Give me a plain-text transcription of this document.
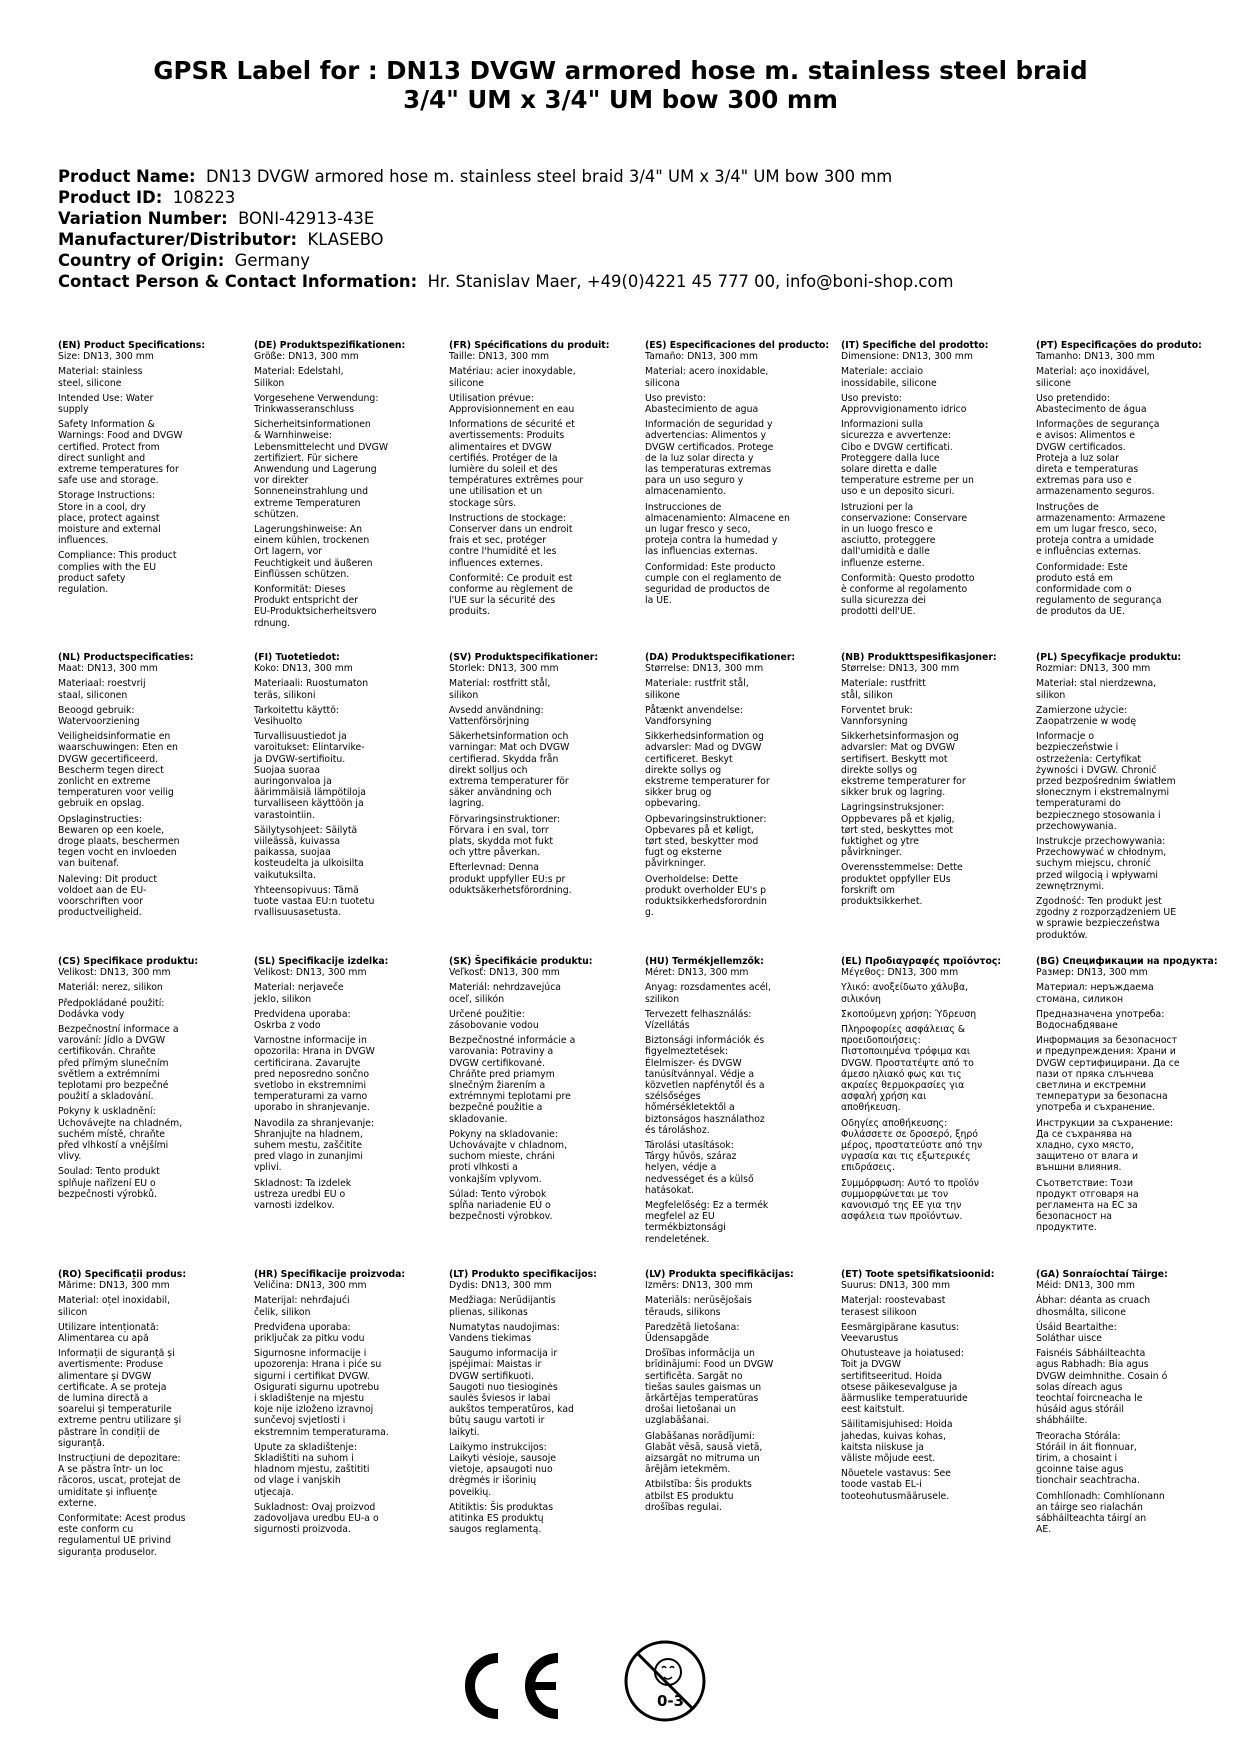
GPSR Label for : DN13 DVGW armored hose m. stainless steel braid
3/4" UM x 3/4" UM bow 300 mm
Product Name: DN13 DVGW armored hose m. stainless steel braid 3/4" UM x 3/4" UM bow 300 mm
Product ID: 108223
Variation Number: BONI-42913-43E
Manufacturer/Distributor: KLASEBO
Country of Origin: Germany
Contact Person & Contact Information: Hr. Stanislav Maer, +49(0)4221 45 777 00, info@boni-shop.com
(EN) Product Specifications:
Size: DN13, 300 mm
Material: stainless
steel, silicone
Intended Use: Water
supply
Safety Information &
Warnings: Food and DVGW
certified. Protect from
direct sunlight and
extreme temperatures for
safe use and storage.
Storage Instructions:
Store in a cool, dry
place, protect against
moisture and external
influences.
Compliance: This product
complies with the EU
product safety
regulation.
(DE) Produktspezifikationen:
Größe: DN13, 300 mm
Material: Edelstahl,
Silikon
Vorgesehene Verwendung:
Trinkwasseranschluss
Sicherheitsinformationen
& Warnhinweise:
Lebensmittelecht und DVGW
zertifiziert. Für sichere
Anwendung und Lagerung
vor direkter
Sonneneinstrahlung und
extreme Temperaturen
schützen.
Lagerungshinweise: An
einem kühlen, trockenen
Ort lagern, vor
Feuchtigkeit und äußeren
Einflüssen schützen.
Konformität: Dieses
Produkt entspricht der
EU-Produktsicherheitsvero
rdnung.
(FR) Spécifications du produit:
Taille: DN13, 300 mm
Matériau: acier inoxydable,
silicone
Utilisation prévue:
Approvisionnement en eau
Informations de sécurité et
avertissements: Produits
alimentaires et DVGW
certifiés. Protéger de la
lumière du soleil et des
températures extrêmes pour
une utilisation et un
stockage sûrs.
Instructions de stockage:
Conserver dans un endroit
frais et sec, protéger
contre l'humidité et les
influences externes.
Conformité: Ce produit est
conforme au règlement de
l'UE sur la sécurité des
produits.
(ES) Especificaciones del producto:
Tamaño: DN13, 300 mm
Material: acero inoxidable,
silicona
Uso previsto:
Abastecimiento de agua
Información de seguridad y
advertencias: Alimentos y
DVGW certificados. Protege
de la luz solar directa y
las temperaturas extremas
para un uso seguro y
almacenamiento.
Instrucciones de
almacenamiento: Almacene en
un lugar fresco y seco,
proteja contra la humedad y
las influencias externas.
Conformidad: Este producto
cumple con el reglamento de
seguridad de productos de
la UE.
(IT) Specifiche del prodotto:
Dimensione: DN13, 300 mm
Materiale: acciaio
inossidabile, silicone
Uso previsto:
Approvvigionamento idrico
Informazioni sulla
sicurezza e avvertenze:
Cibo e DVGW certificati.
Proteggere dalla luce
solare diretta e dalle
temperature estreme per un
uso e un deposito sicuri.
Istruzioni per la
conservazione: Conservare
in un luogo fresco e
asciutto, proteggere
dall'umidità e dalle
influenze esterne.
Conformità: Questo prodotto
è conforme al regolamento
sulla sicurezza dei
prodotti dell'UE.
(PT) Especificações do produto:
Tamanho: DN13, 300 mm
Material: aço inoxidável,
silicone
Uso pretendido:
Abastecimento de água
Informações de segurança
e avisos: Alimentos e
DVGW certificados.
Proteja a luz solar
direta e temperaturas
extremas para uso e
armazenamento seguros.
Instruções de
armazenamento: Armazene
em um lugar fresco, seco,
proteja contra a umidade
e influências externas.
Conformidade: Este
produto está em
conformidade com o
regulamento de segurança
de produtos da UE.
(NL) Productspecificaties:
Maat: DN13, 300 mm
Materiaal: roestvrij
staal, siliconen
Beoogd gebruik:
Watervoorziening
Veiligheidsinformatie en
waarschuwingen: Eten en
DVGW gecertificeerd.
Bescherm tegen direct
zonlicht en extreme
temperaturen voor veilig
gebruik en opslag.
Opslaginstructies:
Bewaren op een koele,
droge plaats, beschermen
tegen vocht en invloeden
van buitenaf.
Naleving: Dit product
voldoet aan de EU-
voorschriften voor
productveiligheid.
(FI) Tuotetiedot:
Koko: DN13, 300 mm
Materiaali: Ruostumaton
teräs, silikoni
Tarkoitettu käyttö:
Vesihuolto
Turvallisuustiedot ja
varoitukset: Elintarvike-
ja DVGW-sertifioitu.
Suojaa suoraa
auringonvaloa ja
äärimmäisiä lämpötiloja
turvalliseen käyttöön ja
varastointiin.
Säilytysohjeet: Säilytä
viileässä, kuivassa
paikassa, suojaa
kosteudelta ja ulkoisilta
vaikutuksilta.
Yhteensopivuus: Tämä
tuote vastaa EU:n tuotetu
rvallisuusasetusta.
(SV) Produktspecifikationer:
Storlek: DN13, 300 mm
Material: rostfritt stål,
silikon
Avsedd användning:
Vattenförsörjning
Säkerhetsinformation och
varningar: Mat och DVGW
certifierad. Skydda från
direkt solljus och
extrema temperaturer för
säker användning och
lagring.
Förvaringsinstruktioner:
Förvara i en sval, torr
plats, skydda mot fukt
och yttre påverkan.
Efterlevnad: Denna
produkt uppfyller EU:s pr
oduktsäkerhetsförordning.
(DA) Produktspecifikationer:
Størrelse: DN13, 300 mm
Materiale: rustfrit stål,
silikone
Påtænkt anvendelse:
Vandforsyning
Sikkerhedsinformation og
advarsler: Mad og DVGW
certificeret. Beskyt
direkte sollys og
ekstreme temperaturer for
sikker brug og
opbevaring.
Opbevaringsinstruktioner:
Opbevares på et køligt,
tørt sted, beskytter mod
fugt og eksterne
påvirkninger.
Overholdelse: Dette
produkt overholder EU's p
roduktsikkerhedsforordnin
g.
(NB) Produkttspesifikasjoner:
Størrelse: DN13, 300 mm
Materiale: rustfritt
stål, silikon
Forventet bruk:
Vannforsyning
Sikkerhetsinformasjon og
advarsler: Mat og DVGW
sertifisert. Beskytt mot
direkte sollys og
ekstreme temperaturer for
sikker bruk og lagring.
Lagringsinstruksjoner:
Oppbevares på et kjølig,
tørt sted, beskyttes mot
fuktighet og ytre
påvirkninger.
Overensstemmelse: Dette
produktet oppfyller EUs
forskrift om
produktsikkerhet.
(PL) Specyfikacje produktu:
Rozmiar: DN13, 300 mm
Materiał: stal nierdzewna,
silikon
Zamierzone użycie:
Zaopatrzenie w wodę
Informacje o
bezpieczeństwie i
ostrzeżenia: Certyfikat
żywności i DVGW. Chronić
przed bezpośrednim światłem
słonecznym i ekstremalnymi
temperaturami do
bezpiecznego stosowania i
przechowywania.
Instrukcje przechowywania:
Przechowywać w chłodnym,
suchym miejscu, chronić
przed wilgocią i wpływami
zewnętrznymi.
Zgodność: Ten produkt jest
zgodny z rozporządzeniem UE
w sprawie bezpieczeństwa
produktów.
(CS) Specifikace produktu:
Velikost: DN13, 300 mm
Materiál: nerez, silikon
Předpokládané použití:
Dodávka vody
Bezpečnostní informace a
varování: Jídlo a DVGW
certifikován. Chraňte
před přímým slunečním
světlem a extrémními
teplotami pro bezpečné
použití a skladování.
Pokyny k uskladnění:
Uchovávejte na chladném,
suchém místě, chraňte
před vlhkostí a vnějšími
vlivy.
Soulad: Tento produkt
splňuje nařízení EU o
bezpečnosti výrobků.
(SL) Specifikacije izdelka:
Velikost: DN13, 300 mm
Material: nerjaveče
jeklo, silikon
Predvidena uporaba:
Oskrba z vodo
Varnostne informacije in
opozorila: Hrana in DVGW
certificirana. Zavarujte
pred neposredno sončno
svetlobo in ekstremnimi
temperaturami za varno
uporabo in shranjevanje.
Navodila za shranjevanje:
Shranjujte na hladnem,
suhem mestu, zaščitite
pred vlago in zunanjimi
vplivi.
Skladnost: Ta izdelek
ustreza uredbi EU o
varnosti izdelkov.
(SK) Špecifikácie produktu:
Veľkosť: DN13, 300 mm
Materiál: nehrdzavejúca
oceľ, silikón
Určené použitie:
zásobovanie vodou
Bezpečnostné informácie a
varovania: Potraviny a
DVGW certifikované.
Chráňte pred priamym
slnečným žiarením a
extrémnymi teplotami pre
bezpečné použitie a
skladovanie.
Pokyny na skladovanie:
Uchovávajte v chladnom,
suchom mieste, chráni
proti vlhkosti a
vonkajším vplyvom.
Súlad: Tento výrobok
spĺňa nariadenie EÚ o
bezpečnosti výrobkov.
(HU) Termékjellemzők:
Méret: DN13, 300 mm
Anyag: rozsdamentes acél,
szilikon
Tervezett felhasználás:
Vízellátás
Biztonsági információk és
figyelmeztetések:
Élelmiszer- és DVGW
tanúsítvánnyal. Védje a
közvetlen napfénytől és a
szélsőséges
hőmérsékletektől a
biztonságos használathoz
és tároláshoz.
Tárolási utasítások:
Tárgy hűvös, száraz
helyen, védje a
nedvességet és a külső
hatásokat.
Megfelelőség: Ez a termék
megfelel az EU
termékbiztonsági
rendeletének.
(EL) Προδιαγραφές προϊόντος:
Μέγεθος: DN13, 300 mm
Υλικό: ανοξείδωτο χάλυβα,
σιλικόνη
Σκοπούμενη χρήση: Ύδρευση
Πληροφορίες ασφάλειας &
προειδοποιήσεις:
Πιστοποιημένα τρόφιμα και
DVGW. Προστατέψτε από το
άμεσο ηλιακό φως και τις
ακραίες θερμοκρασίες για
ασφαλή χρήση και
αποθήκευση.
Οδηγίες αποθήκευσης:
Φυλάσσετε σε δροσερό, ξηρό
μέρος, προστατεύστε από την
υγρασία και τις εξωτερικές
επιδράσεις.
Συμμόρφωση: Αυτό το προϊόν
συμμορφώνεται με τον
κανονισμό της ΕΕ για την
ασφάλεια των προϊόντων.
(BG) Спецификации на продукта:
Размер: DN13, 300 mm
Материал: неръждаема
стомана, силикон
Предназначена употреба:
Водоснабдяване
Информация за безопасност
и предупреждения: Храни и
DVGW сертифицирани. Да се
пази от пряка слънчева
светлина и екстремни
температури за безопасна
употреба и съхранение.
Инструкции за съхранение:
Да се съхранява на
хладно, сухо място,
защитено от влага и
външни влияния.
Съответствие: Този
продукт отговаря на
регламента на ЕС за
безопасност на
продуктите.
(RO) Specificații produs:
Mărime: DN13, 300 mm
Material: oțel inoxidabil,
silicon
Utilizare intenționată:
Alimentarea cu apă
Informații de siguranță și
avertismente: Produse
alimentare și DVGW
certificate. A se proteja
de lumina directă a
soarelui și temperaturile
extreme pentru utilizare și
păstrare în condiții de
siguranță.
Instrucțiuni de depozitare:
A se păstra într- un loc
răcoros, uscat, protejat de
umiditate și influențe
externe.
Conformitate: Acest produs
este conform cu
regulamentul UE privind
siguranța produselor.
(HR) Specifikacije proizvoda:
Veličina: DN13, 300 mm
Materijal: nehrđajući
čelik, silikon
Predviđena uporaba:
priključak za pitku vodu
Sigurnosne informacije i
upozorenja: Hrana i piće su
sigurni i certifikat DVGW.
Osigurati sigurnu upotrebu
i skladištenje na mjestu
koje nije izloženo izravnoj
sunčevoj svjetlosti i
ekstremnim temperaturama.
Upute za skladištenje:
Skladištiti na suhom i
hladnom mjestu, zaštititi
od vlage i vanjskih
utjecaja.
Sukladnost: Ovaj proizvod
zadovoljava uredbu EU-a o
sigurnosti proizvoda.
(LT) Produkto specifikacijos:
Dydis: DN13, 300 mm
Medžiaga: Nerūdijantis
plienas, silikonas
Numatytas naudojimas:
Vandens tiekimas
Saugumo informacija ir
įspėjimai: Maistas ir
DVGW sertifikuoti.
Saugoti nuo tiesioginės
saulės šviesos ir labai
aukštos temperatūros, kad
būtų saugu vartoti ir
laikyti.
Laikymo instrukcijos:
Laikyti vėsioje, sausoje
vietoje, apsaugoti nuo
drėgmės ir išorinių
poveikių.
Atitiktis: Šis produktas
atitinka ES produktų
saugos reglamentą.
(LV) Produkta specifikācijas:
Izmērs: DN13, 300 mm
Materiāls: nerūsējošais
tērauds, silikons
Paredzētā lietošana:
Ūdensapgāde
Drošības informācija un
brīdinājumi: Food un DVGW
sertificēta. Sargāt no
tiešas saules gaismas un
ārkārtējas temperatūras
drošai lietošanai un
uzglabāšanai.
Glabāšanas norādījumi:
Glabāt vēsā, sausā vietā,
aizsargāt no mitruma un
ārējām ietekmēm.
Atbilstība: Šis produkts
atbilst ES produktu
drošības regulai.
(ET) Toote spetsifikatsioonid:
Suurus: DN13, 300 mm
Materjal: roostevabast
terasest silikoon
Eesmärgipärane kasutus:
Veevarustus
Ohutusteave ja hoiatused:
Toit ja DVGW
sertifitseeritud. Hoida
otsese päikesevalguse ja
äärmuslike temperatuuride
eest kaitstult.
Säilitamisjuhised: Hoida
jahedas, kuivas kohas,
kaitsta niiskuse ja
väliste mõjude eest.
Nõuetele vastavus: See
toode vastab EL-i
tooteohutusmäärusele.
(GA) Sonraíochtaí Táirge:
Méid: DN13, 300 mm
Ábhar: déanta as cruach
dhosmálta, silicone
Úsáid Beartaithe:
Soláthar uisce
Faisnéis Sábháilteachta
agus Rabhadh: Bia agus
DVGW deimhnithe. Cosain ó
solas díreach agus
teochtaí foircneacha le
húsáid agus stóráil
shábháilte.
Treoracha Stórála:
Stóráil in áit fionnuar,
tirim, a chosaint i
gcoinne taise agus
tionchair seachtracha.
Comhlíonadh: Comhlíonann
an táirge seo rialachán
sábháilteachta táirgí an
AE.
0-3
